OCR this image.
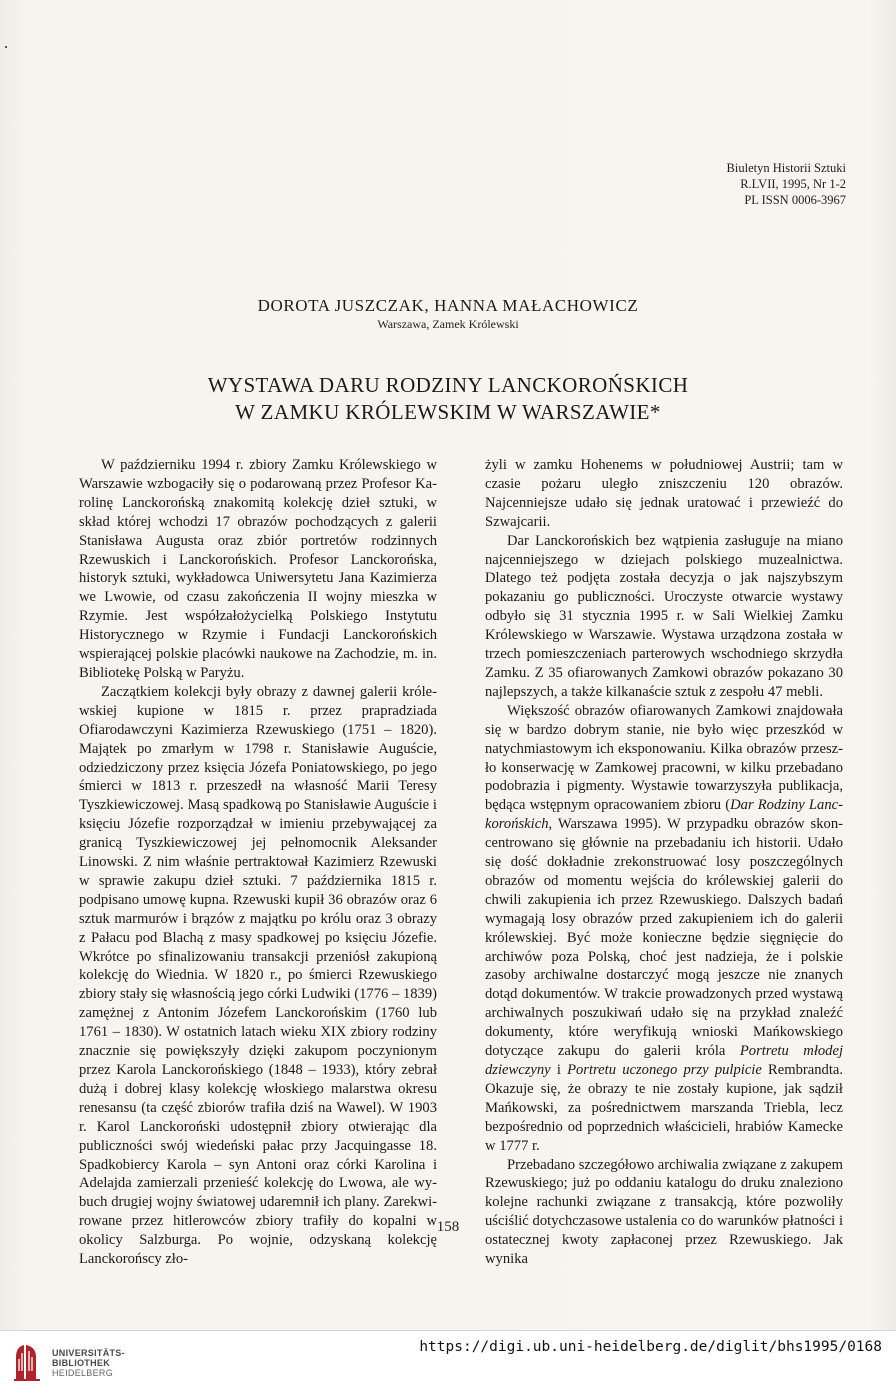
Biuletyn Historii Sztuki
R.LVII, 1995, Nr 1-2
PL ISSN 0006-3967
DOROTA JUSZCZAK, HANNA MAŁACHOWICZ
Warszawa, Zamek Królewski
WYSTAWA DARU RODZINY LANCKOROŃSKICH
W ZAMKU KRÓLEWSKIM W WARSZAWIE*

W październiku 1994 r. zbiory Zamku Królewskiego w Warszawie wzbogaciły się o podarowaną przez Profesor Karolinę Lanckorońską znakomitą kolekcję dzieł sztuki, w skład której wchodzi 17 obrazów pochodzących z galerii Stanisława Augusta oraz zbiór portretów rodzinnych Rzewuskich i Lanckorońskich. Profesor Lanckorońska, historyk sztuki, wykładowca Uniwersytetu Jana Kazimierza we Lwowie, od czasu zakończenia II wojny mieszka w Rzymie. Jest współzałożycielką Polskiego Instytutu Historycznego w Rzymie i Fundacji Lanckorońskich wspierającej polskie placówki naukowe na Zachodzie, m. in. Bibliotekę Polską w Paryżu.

Zaczątkiem kolekcji były obrazy z dawnej galerii królewskiej kupione w 1815 r. przez prapradziada Ofiarodawczyni Kazimierza Rzewuskiego (1751 – 1820). Majątek po zmarłym w 1798 r. Stanisławie Auguście, odziedziczony przez księcia Józefa Poniatowskiego, po jego śmierci w 1813 r. przeszedł na własność Marii Teresy Tyszkiewiczowej. Masą spadkową po Stanisławie Auguście i księciu Józefie rozporządzał w imieniu przebywającej za granicą Tyszkiewiczowej jej pełnomocnik Aleksander Linowski. Z nim właśnie pertraktował Kazimierz Rzewuski w sprawie zakupu dzieł sztuki. 7 października 1815 r. podpisano umowę kupna. Rzewuski kupił 36 obrazów oraz 6 sztuk marmurów i brązów z majątku po królu oraz 3 obrazy z Pałacu pod Blachą z masy spadkowej po księciu Józefie. Wkrótce po sfinalizowaniu transakcji przeniósł zakupioną kolekcję do Wiednia. W 1820 r., po śmierci Rzewuskiego zbiory stały się własnością jego córki Ludwiki (1776 – 1839) zamężnej z Antonim Józefem Lanckorońskim (1760 lub 1761 – 1830). W ostatnich latach wieku XIX zbiory rodziny znacznie się powiększyły dzięki zakupom poczynionym przez Karola Lanckorońskiego (1848 – 1933), który zebrał dużą i dobrej klasy kolekcję włoskiego malarstwa okresu renesansu (ta część zbiorów trafiła dziś na Wawel). W 1903 r. Karol Lanckoroński udostępnił zbiory otwierając dla publiczności swój wiedeński pałac przy Jacquingasse 18. Spadkobiercy Karola – syn Antoni oraz córki Karolina i Adelajda zamierzali przenieść kolekcję do Lwowa, ale wybuch drugiej wojny światowej udaremnił ich plany. Zarekwirowane przez hitlerowców zbiory trafiły do kopalni w okolicy Salzburga. Po wojnie, odzyskaną kolekcję Lanckorońscy zło-

żyli w zamku Hohenems w południowej Austrii; tam w czasie pożaru uległo zniszczeniu 120 obrazów. Najcenniejsze udało się jednak uratować i przewieźć do Szwajcarii.

Dar Lanckorońskich bez wątpienia zasługuje na miano najcenniejszego w dziejach polskiego muzealnictwa. Dlatego też podjęta została decyzja o jak najszybszym pokazaniu go publiczności. Uroczyste otwarcie wystawy odbyło się 31 stycznia 1995 r. w Sali Wielkiej Zamku Królewskiego w Warszawie. Wystawa urządzona została w trzech pomieszczeniach parterowych wschodniego skrzydła Zamku. Z 35 ofiarowanych Zamkowi obrazów pokazano 30 najlepszych, a także kilkanaście sztuk z zespołu 47 mebli.

Większość obrazów ofiarowanych Zamkowi znajdowała się w bardzo dobrym stanie, nie było więc przeszkód w natychmiastowym ich eksponowaniu. Kilka obrazów przeszło konserwację w Zamkowej pracowni, w kilku przebadano podobrazia i pigmenty. Wystawie towarzyszyła publikacja, będąca wstępnym opracowaniem zbioru (Dar Rodziny Lanckorońskich, Warszawa 1995). W przypadku obrazów skoncentrowano się głównie na przebadaniu ich historii. Udało się dość dokładnie zrekonstruować losy poszczególnych obrazów od momentu wejścia do królewskiej galerii do chwili zakupienia ich przez Rzewuskiego. Dalszych badań wymagają losy obrazów przed zakupieniem ich do galerii królewskiej. Być może konieczne będzie sięgnięcie do archiwów poza Polską, choć jest nadzieja, że i polskie zasoby archiwalne dostarczyć mogą jeszcze nie znanych dotąd dokumentów. W trakcie prowadzonych przed wystawą archiwalnych poszukiwań udało się na przykład znaleźć dokumenty, które weryfikują wnioski Mańkowskiego dotyczące zakupu do galerii króla Portretu młodej dziewczyny i Portretu uczonego przy pulpicie Rembrandta. Okazuje się, że obrazy te nie zostały kupione, jak sądził Mańkowski, za pośrednictwem marszanda Triebla, lecz bezpośrednio od poprzednich właścicieli, hrabiów Kamecke w 1777 r.

Przebadano szczegółowo archiwalia związane z zakupem Rzewuskiego; już po oddaniu katalogu do druku znaleziono kolejne rachunki związane z transakcją, które pozwoliły uściślić dotychczasowe ustalenia co do warunków płatności i ostatecznej kwoty zapłaconej przez Rzewuskiego. Jak wynika

158
UNIVERSITÄTS-
BIBLIOTHEK
HEIDELBERG
https://digi.ub.uni-heidelberg.de/diglit/bhs1995/0168
